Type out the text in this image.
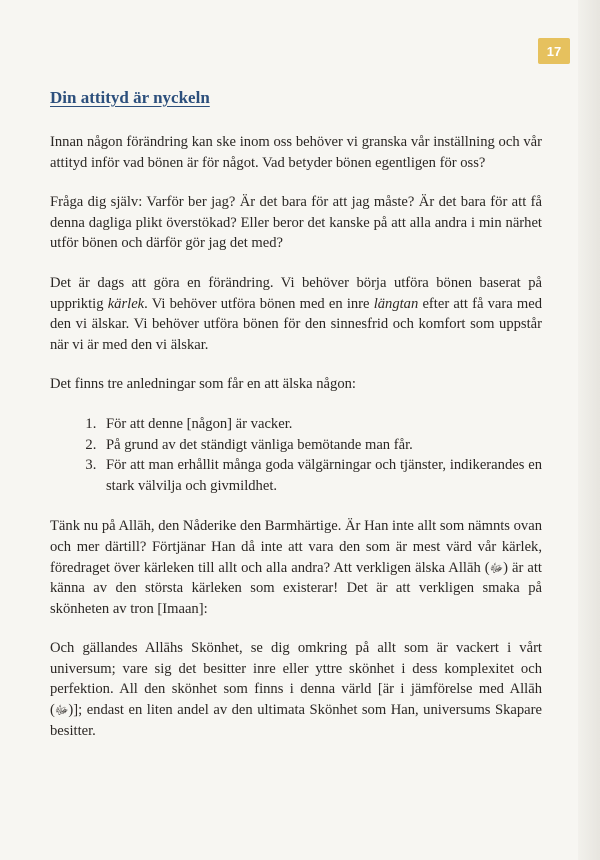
17
Din attityd är nyckeln

Innan någon förändring kan ske inom oss behöver vi granska vår inställning och vår attityd inför vad bönen är för något. Vad betyder bönen egentligen för oss?

Fråga dig själv: Varför ber jag? Är det bara för att jag måste? Är det bara för att få denna dagliga plikt överstökad? Eller beror det kanske på att alla andra i min närhet utför bönen och därför gör jag det med?

Det är dags att göra en förändring. Vi behöver börja utföra bönen baserat på uppriktig kärlek. Vi behöver utföra bönen med en inre längtan efter att få vara med den vi älskar. Vi behöver utföra bönen för den sinnesfrid och komfort som uppstår när vi är med den vi älskar.

Det finns tre anledningar som får en att älska någon:

1. För att denne [någon] är vacker.
2. På grund av det ständigt vänliga bemötande man får.
3. För att man erhållit många goda välgärningar och tjänster, indikerandes en stark välvilja och givmildhet.

Tänk nu på Allāh, den Nåderike den Barmhärtige. Är Han inte allt som nämnts ovan och mer därtill? Förtjänar Han då inte att vara den som är mest värd vår kärlek, föredraget över kärleken till allt och alla andra? Att verkligen älska Allāh (ﷻ) är att känna av den största kärleken som existerar! Det är att verkligen smaka på skönheten av tron [Imaan]:

Och gällandes Allāhs Skönhet, se dig omkring på allt som är vackert i vårt universum; vare sig det besitter inre eller yttre skönhet i dess komplexitet och perfektion. All den skönhet som finns i denna värld [är i jämförelse med Allāh (ﷻ)]; endast en liten andel av den ultimata Skönhet som Han, universums Skapare besitter.
